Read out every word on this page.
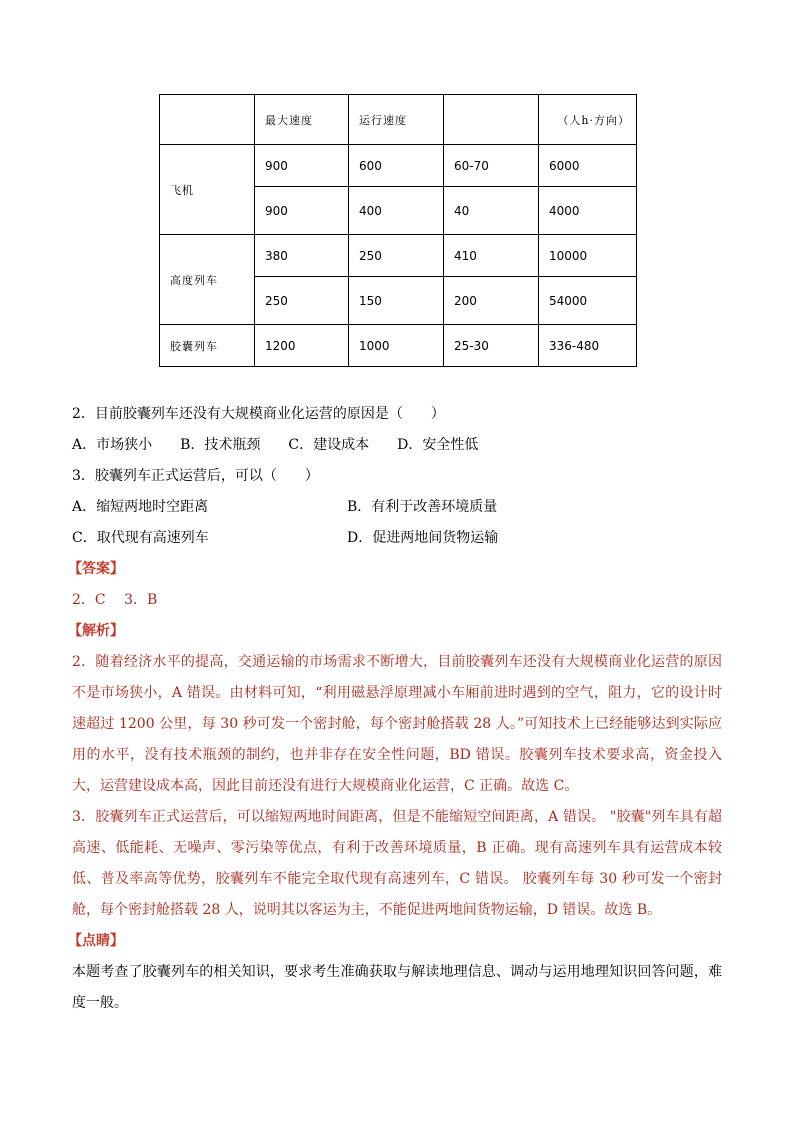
	最大速度	运行速度		（人h·方向）
飞机	900	600	60-70	6000
	900	400	40	4000
高度列车	380	250	410	10000
	250	150	200	54000
胶囊列车	1200	1000	25-30	336-480
2．目前胶囊列车还没有大规模商业化运营的原因是（　　）
A．市场狭小　　B．技术瓶颈　　C．建设成本　　D．安全性低
3．胶囊列车正式运营后，可以（　　）
A．缩短两地时空距离	B．有利于改善环境质量
C．取代现有高速列车	D．促进两地间货物运输
【答案】
2．C　 3．B
【解析】
2．随着经济水平的提高，交通运输的市场需求不断增大，目前胶囊列车还没有大规模商业化运营的原因不是市场狭小，A 错误。由材料可知，“利用磁悬浮原理减小车厢前进时遇到的空气，阻力，它的设计时速超过 1200 公里，每 30 秒可发一个密封舱，每个密封舱搭载 28 人。”可知技术上已经能够达到实际应用的水平，没有技术瓶颈的制约，也并非存在安全性问题，BD 错误。胶囊列车技术要求高，资金投入大，运营建设成本高，因此目前还没有进行大规模商业化运营，C 正确。故选 C。
3．胶囊列车正式运营后，可以缩短两地时间距离，但是不能缩短空间距离，A 错误。 "胶囊"列车具有超高速、低能耗、无噪声、零污染等优点，有利于改善环境质量，B 正确。现有高速列车具有运营成本较低、普及率高等优势，胶囊列车不能完全取代现有高速列车，C 错误。 胶囊列车每 30 秒可发一个密封舱，每个密封舱搭载 28 人，说明其以客运为主，不能促进两地间货物运输，D 错误。故选 B。
【点睛】
本题考查了胶囊列车的相关知识，要求考生准确获取与解读地理信息、调动与运用地理知识回答问题，难度一般。
